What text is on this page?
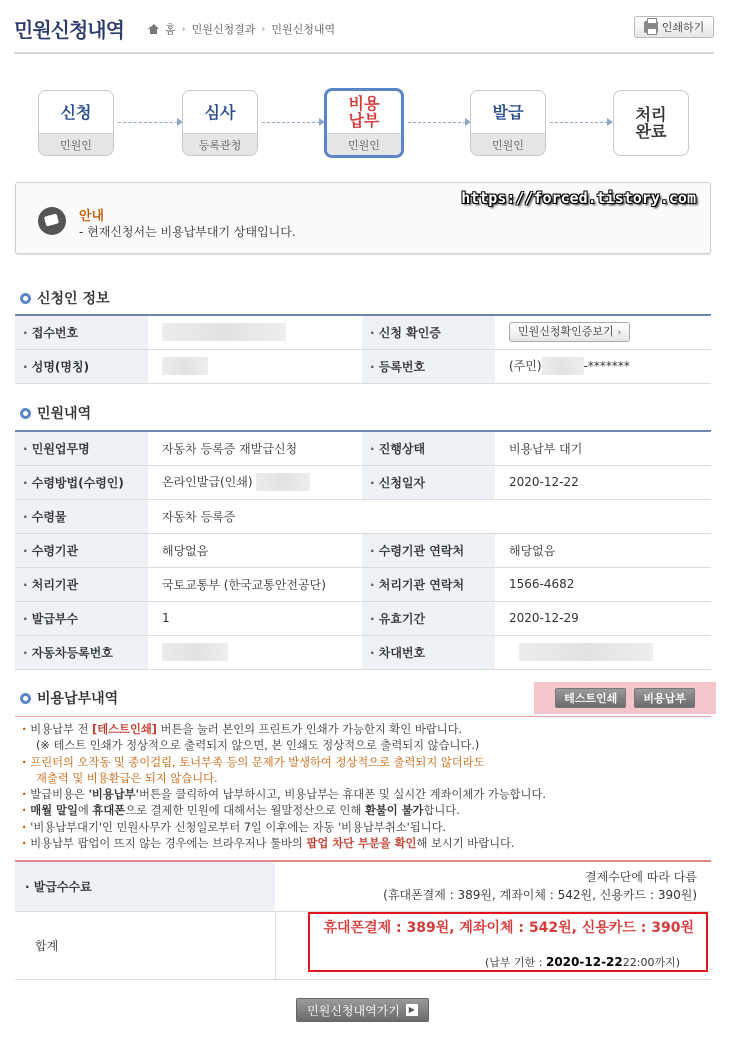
민원신청내역	홈 › 민원신청결과 › 민원신청내역	인쇄하기
신청
민원인
심사
등록관청
비용
납부
민원인
발급
민원인
처리
완료
안내
- 현재신청서는 비용납부대기 상태입니다.
https://forced.tistory.com
신청인 정보
· 접수번호		· 신청 확인증	민원신청확인증보기 ›
· 성명(명칭)		· 등록번호	(주민) -*******
민원내역
· 민원업무명	자동차 등록증 재발급신청	· 진행상태	비용납부 대기
· 수령방법(수령인)	온라인발급(인쇄)	· 신청일자	2020-12-22
· 수령물	자동차 등록증		
· 수령기관	해당없음	· 수령기관 연락처	해당없음
· 처리기관	국토교통부 (한국교통안전공단)	· 처리기관 연락처	1566-4682
· 발급부수	1	· 유효기간	2020-12-29
· 자동차등록번호		· 차대번호	
비용납부내역	테스트인쇄	비용납부
· 비용납부 전 [테스트인쇄] 버튼을 눌러 본인의 프린트가 인쇄가 가능한지 확인 바랍니다.
(※ 테스트 인쇄가 정상적으로 출력되지 않으면, 본 인쇄도 정상적으로 출력되지 않습니다.)
· 프린터의 오작동 및 종이걸림, 토너부족 등의 문제가 발생하여 정상적으로 출력되지 않더라도
재출력 및 비용환급은 되지 않습니다.
· 발급비용은 '비용납부'버튼을 클릭하여 납부하시고, 비용납부는 휴대폰 및 실시간 계좌이체가 가능합니다.
· 매월 말일에 휴대폰으로 결제한 민원에 대해서는 월말정산으로 인해 환불이 불가합니다.
· '비용납부대기'인 민원사무가 신청일로부터 7일 이후에는 자동 '비용납부취소'됩니다.
· 비용납부 팝업이 뜨지 않는 경우에는 브라우저나 툴바의 팝업 차단 부분을 확인해 보시기 바랍니다.
· 발급수수료	결제수단에 따라 다름
(휴대폰결제 : 389원, 계좌이체 : 542원, 신용카드 : 390원)

합계	
휴대폰결제 : 389원, 계좌이체 : 542원, 신용카드 : 390원
(납부 기한 : 2020-12-2222:00까지)
민원신청내역가기	▶
